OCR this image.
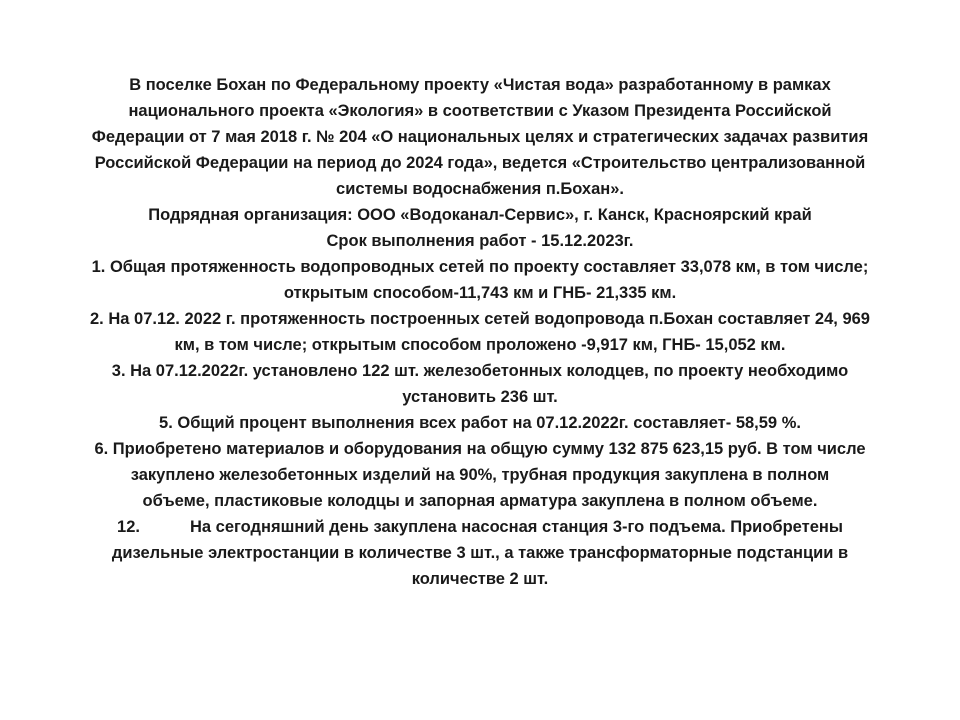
В поселке Бохан по Федеральному проекту «Чистая вода» разработанному в рамках
национального проекта «Экология» в соответствии с Указом Президента Российской
Федерации от 7 мая 2018 г. № 204 «О национальных целях и стратегических задачах развития
Российской Федерации на период до 2024 года», ведется «Строительство централизованной
системы водоснабжения п.Бохан».
Подрядная организация: ООО «Водоканал-Сервис», г. Канск, Красноярский край
Срок выполнения работ - 15.12.2023г.
1. Общая протяженность водопроводных сетей по проекту составляет 33,078 км, в том числе;
открытым способом-11,743 км и ГНБ- 21,335 км.
2. На 07.12. 2022 г. протяженность построенных сетей водопровода п.Бохан составляет 24, 969
км, в том числе; открытым способом проложено -9,917 км, ГНБ- 15,052 км.
3. На 07.12.2022г. установлено 122 шт. железобетонных колодцев, по проекту необходимо
установить 236 шт.
5. Общий процент выполнения всех работ на 07.12.2022г. составляет- 58,59 %.
6. Приобретено материалов и оборудования на общую сумму 132 875 623,15 руб. В том числе
закуплено железобетонных изделий на 90%, трубная продукция закуплена в полном
объеме, пластиковые колодцы и запорная арматура закуплена в полном объеме.
12.	На сегодняшний день закуплена насосная станция 3-го подъема. Приобретены
дизельные электростанции в количестве 3 шт., а также трансформаторные подстанции в
количестве 2 шт.
